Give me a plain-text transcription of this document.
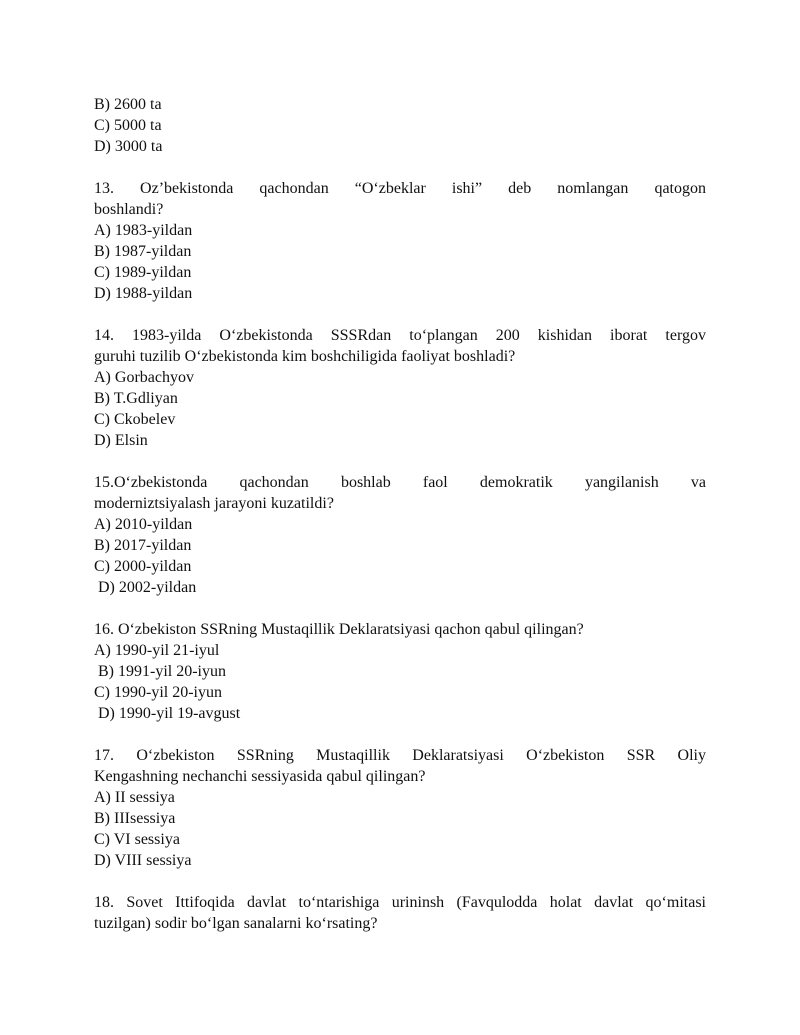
B) 2600 ta
C) 5000 ta
D) 3000 ta
13. Oz’bekistonda qachondan “O‘zbeklar ishi” deb nomlangan qatogon
boshlandi?
A) 1983-yildan
B) 1987-yildan
C) 1989-yildan
D) 1988-yildan
14. 1983-yilda O‘zbekistonda SSSRdan to‘plangan 200 kishidan iborat tergov
guruhi tuzilib O‘zbekistonda kim boshchiligida faoliyat boshladi?
A) Gorbachyov
B) T.Gdliyan
C) Ckobelev
D) Elsin
15.O‘zbekistonda qachondan boshlab faol demokratik yangilanish va
moderniztsiyalash jarayoni kuzatildi?
A) 2010-yildan
B) 2017-yildan
C) 2000-yildan
D) 2002-yildan
16. O‘zbekiston SSRning Mustaqillik Deklaratsiyasi qachon qabul qilingan?
A) 1990-yil 21-iyul
B) 1991-yil 20-iyun
C) 1990-yil 20-iyun
D) 1990-yil 19-avgust
17. O‘zbekiston SSRning Mustaqillik Deklaratsiyasi O‘zbekiston SSR Oliy
Kengashning nechanchi sessiyasida qabul qilingan?
A) II sessiya
B) IIIsessiya
C) VI sessiya
D) VIII sessiya
18. Sovet Ittifoqida davlat to‘ntarishiga urininsh (Favqulodda holat davlat qo‘mitasi
tuzilgan) sodir bo‘lgan sanalarni ko‘rsating?
